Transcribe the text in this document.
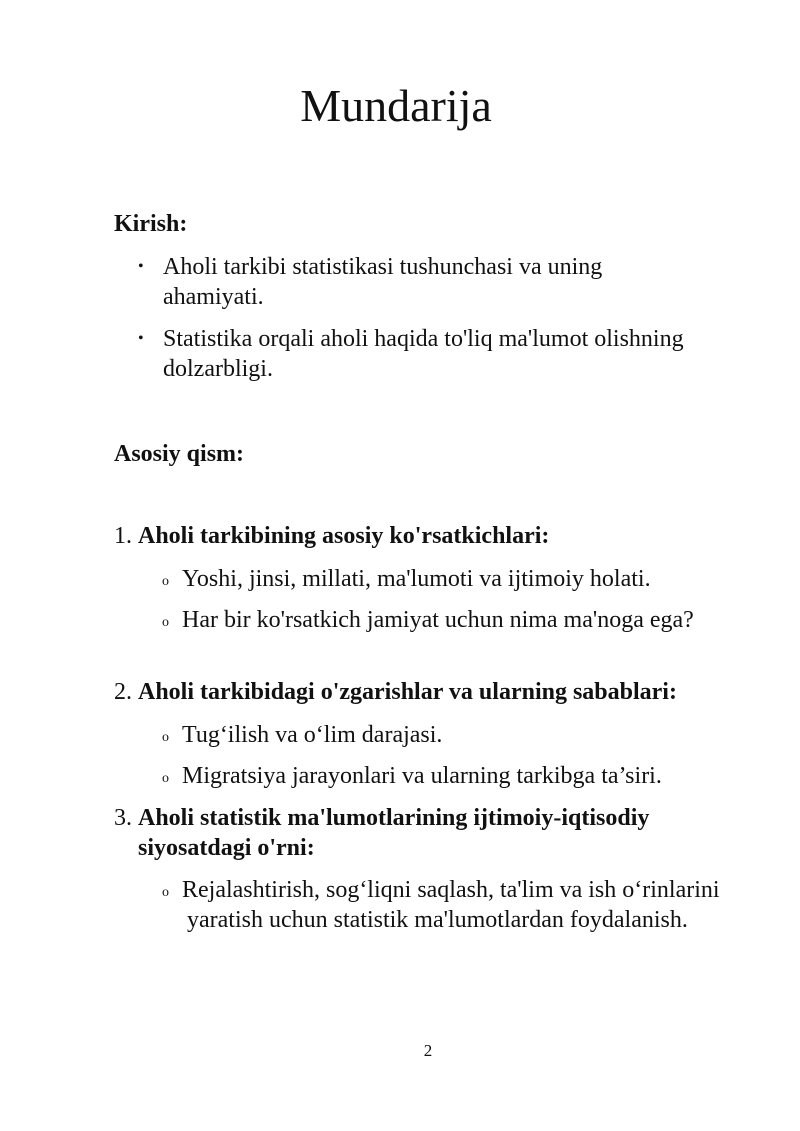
Mundarija
Kirish:
• Aholi tarkibi statistikasi tushunchasi va uning ahamiyati.
• Statistika orqali aholi haqida to'liq ma'lumot olishning dolzarbligi.
Asosiy qism:
1. Aholi tarkibining asosiy ko'rsatkichlari:
o Yoshi, jinsi, millati, ma'lumoti va ijtimoiy holati.
o Har bir ko'rsatkich jamiyat uchun nima ma'noga ega?
2. Aholi tarkibidagi o'zgarishlar va ularning sabablari:
o Tug‘ilish va o‘lim darajasi.
o Migratsiya jarayonlari va ularning tarkibga ta’siri.
3. Aholi statistik ma'lumotlarining ijtimoiy-iqtisodiy siyosatdagi o'rni:
o Rejalashtirish, sog‘liqni saqlash, ta'lim va ish o‘rinlarini yaratish uchun statistik ma'lumotlardan foydalanish.
2
